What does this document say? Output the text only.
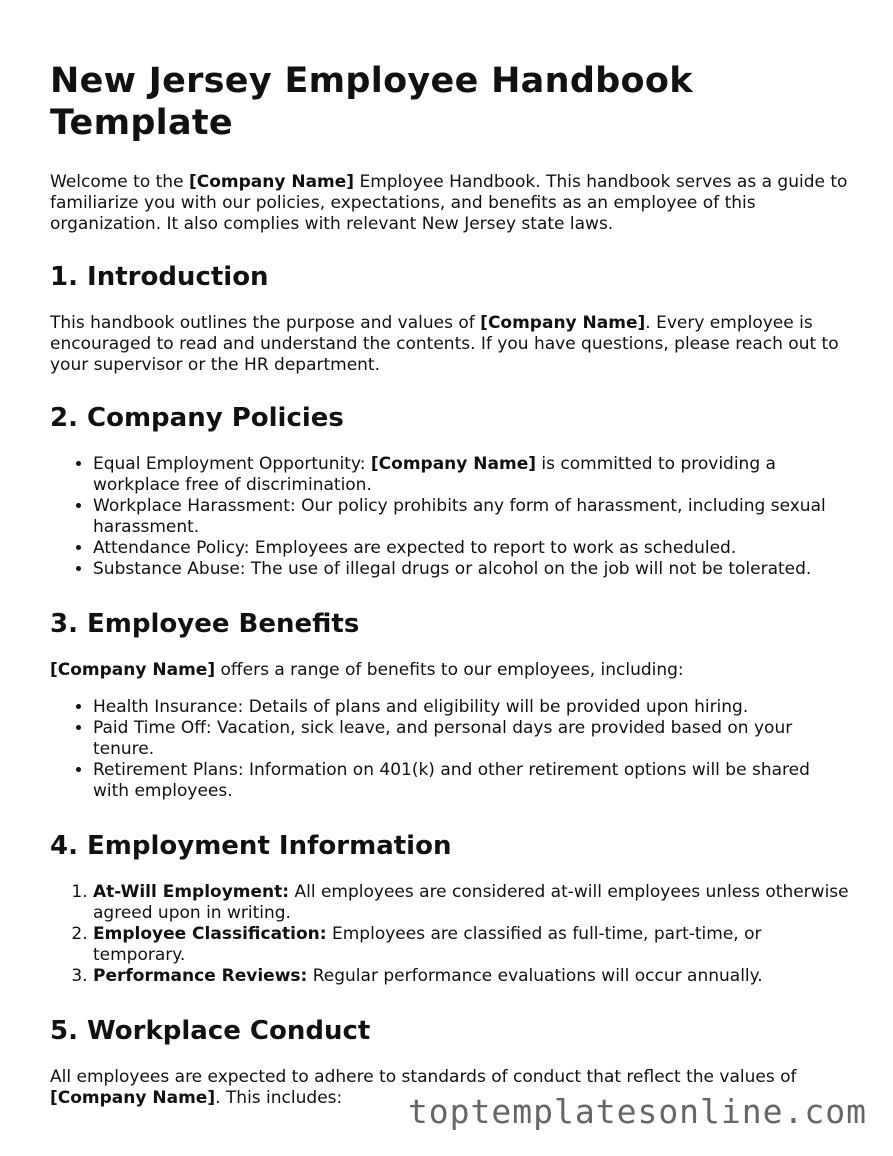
New Jersey Employee Handbook Template

Welcome to the [Company Name] Employee Handbook. This handbook serves as a guide to familiarize you with our policies, expectations, and benefits as an employee of this organization. It also complies with relevant New Jersey state laws.

1. Introduction

This handbook outlines the purpose and values of [Company Name]. Every employee is encouraged to read and understand the contents. If you have questions, please reach out to your supervisor or the HR department.

2. Company Policies
• Equal Employment Opportunity: [Company Name] is committed to providing a workplace free of discrimination.
• Workplace Harassment: Our policy prohibits any form of harassment, including sexual harassment.
• Attendance Policy: Employees are expected to report to work as scheduled.
• Substance Abuse: The use of illegal drugs or alcohol on the job will not be tolerated.
3. Employee Benefits

[Company Name] offers a range of benefits to our employees, including:

• Health Insurance: Details of plans and eligibility will be provided upon hiring.
• Paid Time Off: Vacation, sick leave, and personal days are provided based on your tenure.
• Retirement Plans: Information on 401(k) and other retirement options will be shared with employees.
4. Employment Information
1. At-Will Employment: All employees are considered at-will employees unless otherwise agreed upon in writing.
2. Employee Classification: Employees are classified as full-time, part-time, or temporary.
3. Performance Reviews: Regular performance evaluations will occur annually.
5. Workplace Conduct

All employees are expected to adhere to standards of conduct that reflect the values of [Company Name]. This includes:	toptemplatesonline.com
